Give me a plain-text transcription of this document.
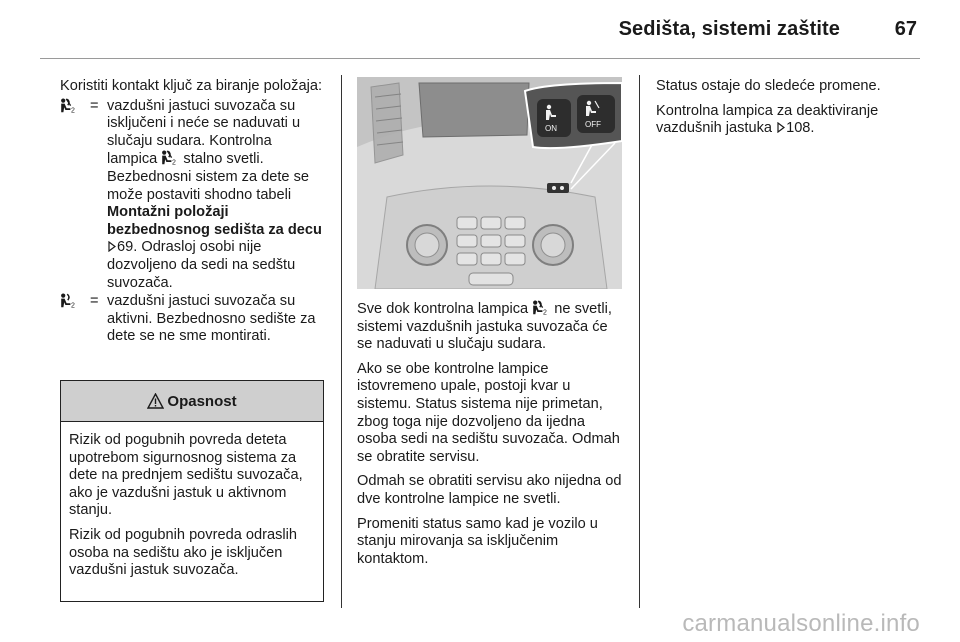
Sedišta, sistemi zaštite	67

Koristiti kontakt ključ za biranje položaja:

= vazdušni jastuci suvozača su isključeni i neće se naduvati u slučaju sudara. Kontrolna lampica stalno svetli. Bezbednosni sistem za dete se može postaviti shodno tabeli Montažni položaji bezbednosnog sedišta za decu 69. Odrasloj osobi nije dozvoljeno da sedi na sedštu suvozača.
= vazdušni jastuci suvozača su aktivni. Bezbednosno sedište za dete se ne sme montirati.
Opasnost

Rizik od pogubnih povreda deteta upotrebom sigurnosnog sistema za dete na prednjem sedištu suvozača, ako je vazdušni jastuk u aktivnom stanju.

Rizik od pogubnih povreda odraslih osoba na sedištu ako je isključen vazdušni jastuk suvozača.

ON	OFF

Sve dok kontrolna lampica ne svetli, sistemi vazdušnih jastuka suvozača će se naduvati u slučaju sudara.

Ako se obe kontrolne lampice istovremeno upale, postoji kvar u sistemu. Status sistema nije primetan, zbog toga nije dozvoljeno da ijedna osoba sedi na sedištu suvozača. Odmah se obratite servisu.

Odmah se obratiti servisu ako nijedna od dve kontrolne lampice ne svetli.

Promeniti status samo kad je vozilo u stanju mirovanja sa isključenim kontaktom.

Status ostaje do sledeće promene.

Kontrolna lampica za deaktiviranje vazdušnih jastuka 108.

carmanualsonline.info
